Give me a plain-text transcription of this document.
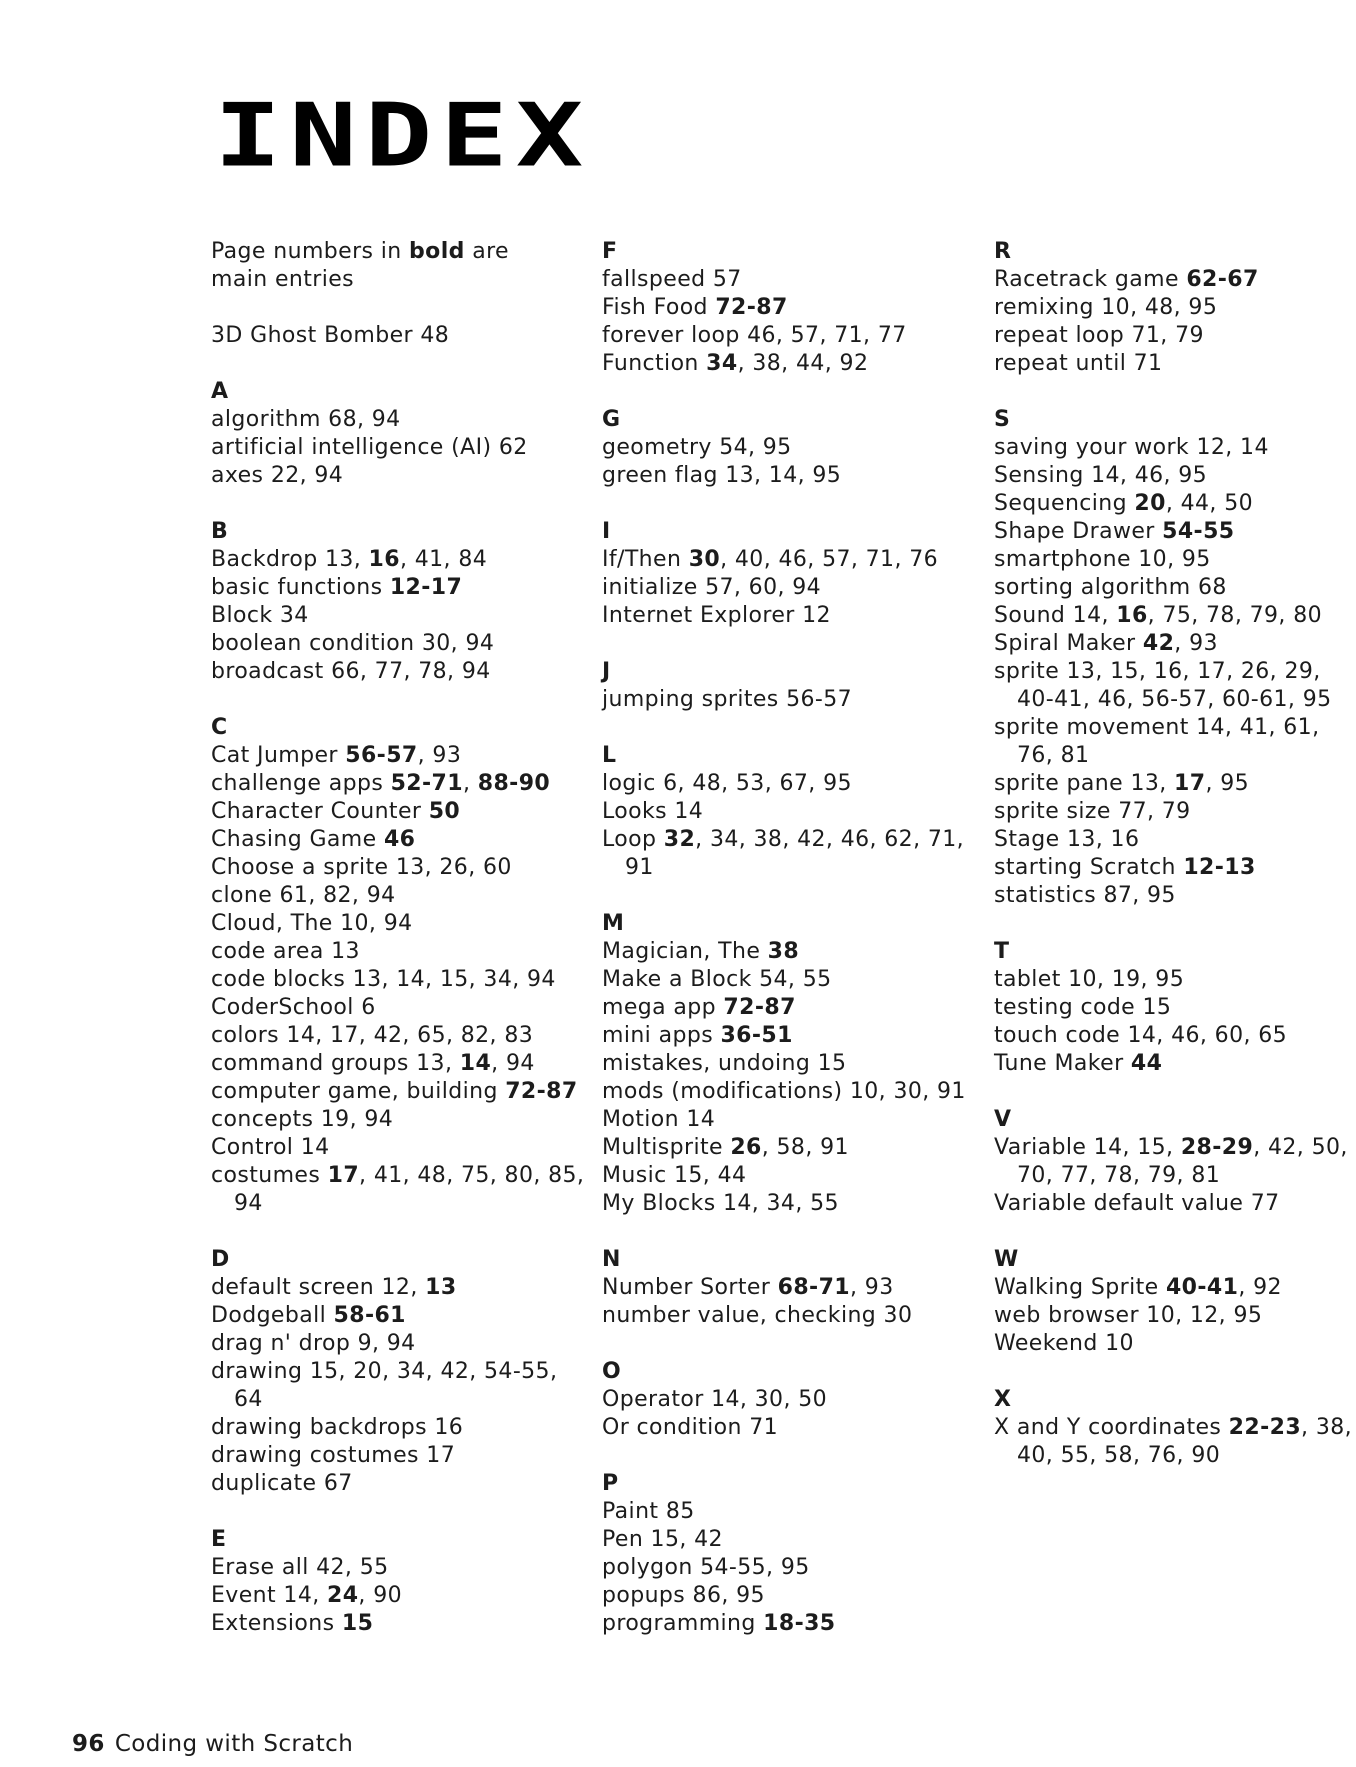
INDEX
Page numbers in bold are
main entries
3D Ghost Bomber 48
A
algorithm 68, 94
artificial intelligence (AI) 62
axes 22, 94
B
Backdrop 13, 16, 41, 84
basic functions 12-17
Block 34
boolean condition 30, 94
broadcast 66, 77, 78, 94
C
Cat Jumper 56-57, 93
challenge apps 52-71, 88-90
Character Counter 50
Chasing Game 46
Choose a sprite 13, 26, 60
clone 61, 82, 94
Cloud, The 10, 94
code area 13
code blocks 13, 14, 15, 34, 94
CoderSchool 6
colors 14, 17, 42, 65, 82, 83
command groups 13, 14, 94
computer game, building 72-87
concepts 19, 94
Control 14
costumes 17, 41, 48, 75, 80, 85, 94
D
default screen 12, 13
Dodgeball 58-61
drag n' drop 9, 94
drawing 15, 20, 34, 42, 54-55, 64
drawing backdrops 16
drawing costumes 17
duplicate 67
E
Erase all 42, 55
Event 14, 24, 90
Extensions 15
F
fallspeed 57
Fish Food 72-87
forever loop 46, 57, 71, 77
Function 34, 38, 44, 92
G
geometry 54, 95
green flag 13, 14, 95
I
If/Then 30, 40, 46, 57, 71, 76
initialize 57, 60, 94
Internet Explorer 12
J
jumping sprites 56-57
L
logic 6, 48, 53, 67, 95
Looks 14
Loop 32, 34, 38, 42, 46, 62, 71, 91
M
Magician, The 38
Make a Block 54, 55
mega app 72-87
mini apps 36-51
mistakes, undoing 15
mods (modifications) 10, 30, 91
Motion 14
Multisprite 26, 58, 91
Music 15, 44
My Blocks 14, 34, 55
N
Number Sorter 68-71, 93
number value, checking 30
O
Operator 14, 30, 50
Or condition 71
P
Paint 85
Pen 15, 42
polygon 54-55, 95
popups 86, 95
programming 18-35
R
Racetrack game 62-67
remixing 10, 48, 95
repeat loop 71, 79
repeat until 71
S
saving your work 12, 14
Sensing 14, 46, 95
Sequencing 20, 44, 50
Shape Drawer 54-55
smartphone 10, 95
sorting algorithm 68
Sound 14, 16, 75, 78, 79, 80
Spiral Maker 42, 93
sprite 13, 15, 16, 17, 26, 29, 40-41, 46, 56-57, 60-61, 95
sprite movement 14, 41, 61, 76, 81
sprite pane 13, 17, 95
sprite size 77, 79
Stage 13, 16
starting Scratch 12-13
statistics 87, 95
T
tablet 10, 19, 95
testing code 15
touch code 14, 46, 60, 65
Tune Maker 44
V
Variable 14, 15, 28-29, 42, 50, 70, 77, 78, 79, 81
Variable default value 77
W
Walking Sprite 40-41, 92
web browser 10, 12, 95
Weekend 10
X
X and Y coordinates 22-23, 38, 40, 55, 58, 76, 90
96 Coding with Scratch
